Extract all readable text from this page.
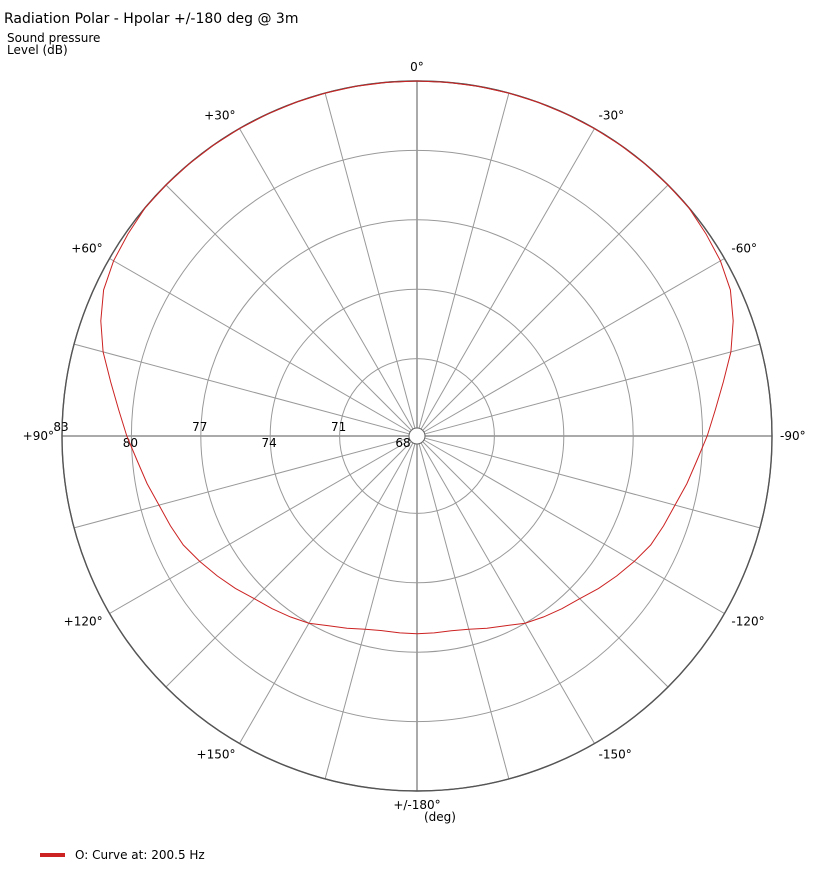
Radiation Polar - Hpolar +/-180 deg @ 3m
Sound pressure
Level (dB)
0°
-30°
-60°
-90°
-120°
-150°
+/-180°
+30°
+60°
+90°
+120°
+150°
68
71
74
77
80
83
(deg)
O: Curve at: 200.5 Hz
